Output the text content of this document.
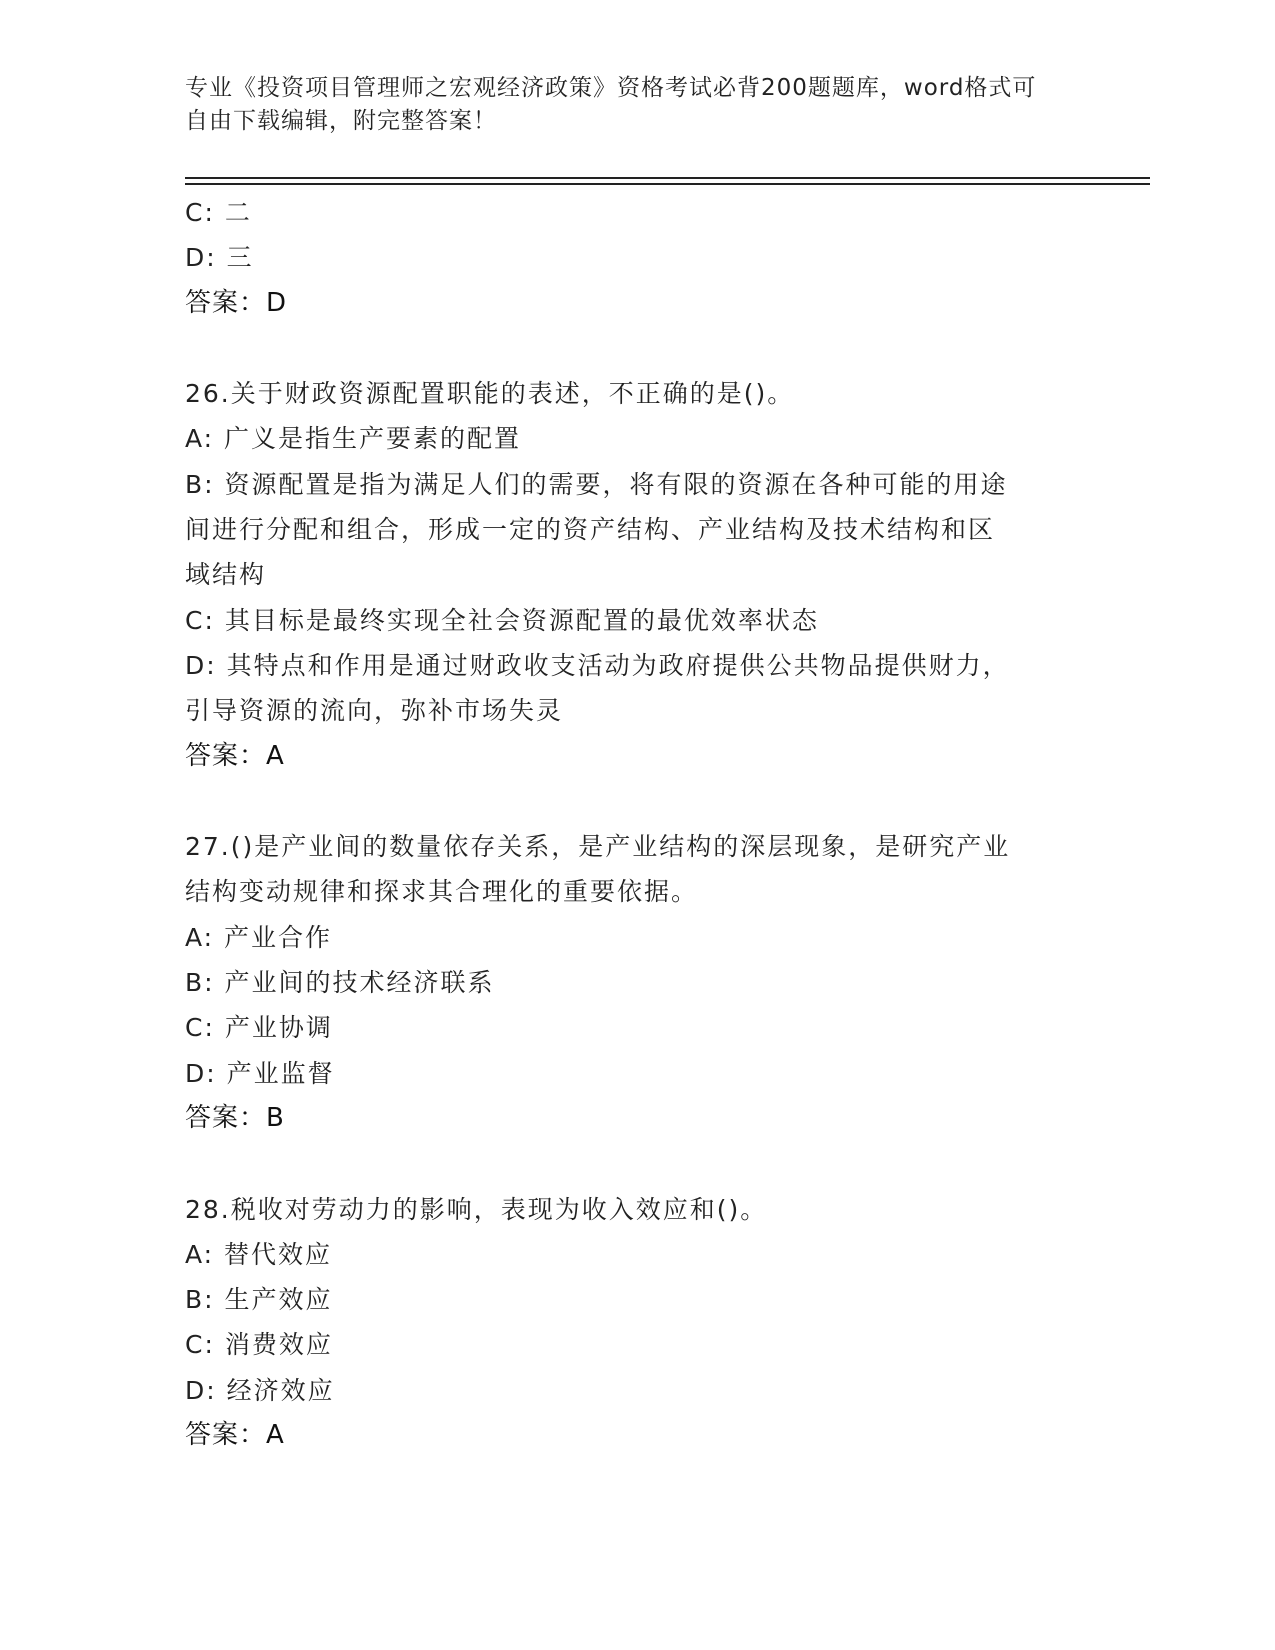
专业《投资项目管理师之宏观经济政策》资格考试必背200题题库，word格式可
自由下载编辑，附完整答案！

C: 二

D: 三

答案：D

26.关于财政资源配置职能的表述，不正确的是()。

A: 广义是指生产要素的配置

B: 资源配置是指为满足人们的需要，将有限的资源在各种可能的用途

间进行分配和组合，形成一定的资产结构、产业结构及技术结构和区

域结构

C: 其目标是最终实现全社会资源配置的最优效率状态

D: 其特点和作用是通过财政收支活动为政府提供公共物品提供财力，

引导资源的流向，弥补市场失灵

答案：A

27.()是产业间的数量依存关系，是产业结构的深层现象，是研究产业

结构变动规律和探求其合理化的重要依据。

A: 产业合作

B: 产业间的技术经济联系

C: 产业协调

D: 产业监督

答案：B

28.税收对劳动力的影响，表现为收入效应和()。

A: 替代效应

B: 生产效应

C: 消费效应

D: 经济效应

答案：A
